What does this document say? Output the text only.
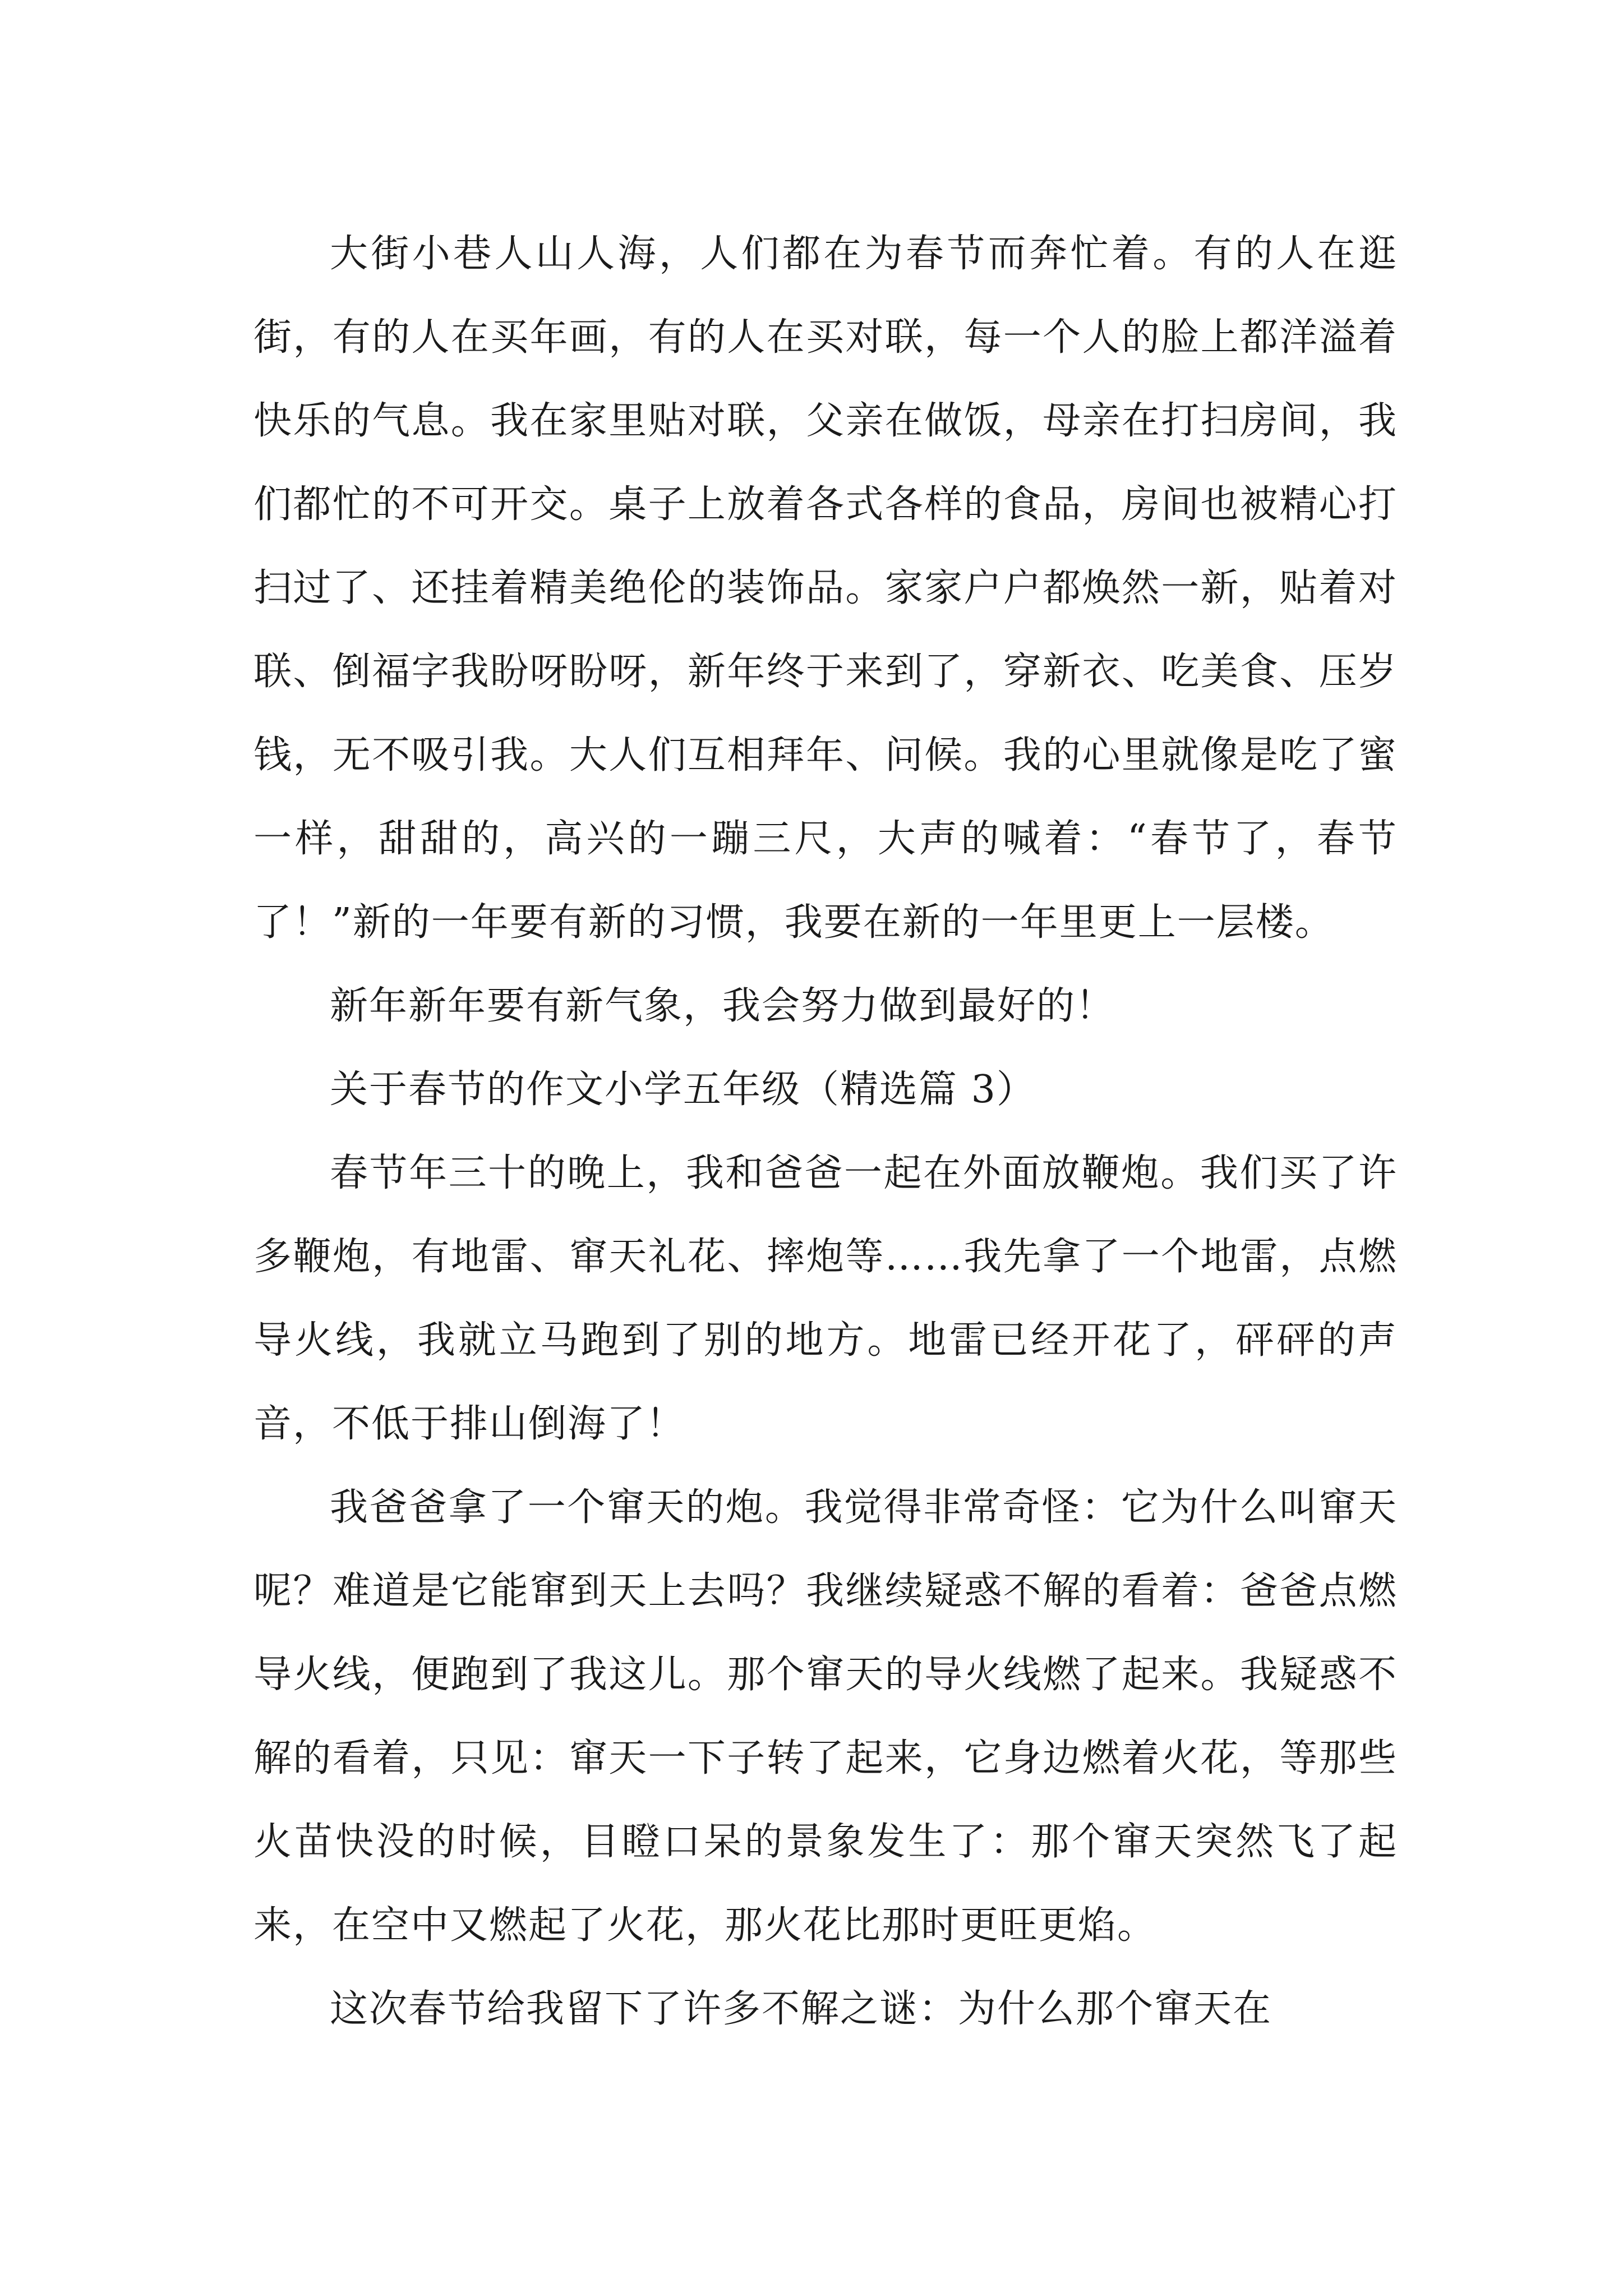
大街小巷人山人海，人们都在为春节而奔忙着。有的人在逛街，有的人在买年画，有的人在买对联，每一个人的脸上都洋溢着快乐的气息。我在家里贴对联，父亲在做饭，母亲在打扫房间，我们都忙的不可开交。桌子上放着各式各样的食品，房间也被精心打扫过了、还挂着精美绝伦的装饰品。家家户户都焕然一新，贴着对联、倒福字我盼呀盼呀，新年终于来到了，穿新衣、吃美食、压岁钱，无不吸引我。大人们互相拜年、问候。我的心里就像是吃了蜜一样，甜甜的，高兴的一蹦三尺，大声的喊着：“春节了，春节了！”新的一年要有新的习惯，我要在新的一年里更上一层楼。

新年新年要有新气象，我会努力做到最好的！

关于春节的作文小学五年级（精选篇 3）

春节年三十的晚上，我和爸爸一起在外面放鞭炮。我们买了许多鞭炮，有地雷、窜天礼花、摔炮等……我先拿了一个地雷，点燃导火线，我就立马跑到了别的地方。地雷已经开花了，砰砰的声音，不低于排山倒海了！

我爸爸拿了一个窜天的炮。我觉得非常奇怪：它为什么叫窜天呢？难道是它能窜到天上去吗？我继续疑惑不解的看着：爸爸点燃导火线，便跑到了我这儿。那个窜天的导火线燃了起来。我疑惑不解的看着，只见：窜天一下子转了起来，它身边燃着火花，等那些火苗快没的时候，目瞪口呆的景象发生了：那个窜天突然飞了起来，在空中又燃起了火花，那火花比那时更旺更焰。

这次春节给我留下了许多不解之谜：为什么那个窜天在
